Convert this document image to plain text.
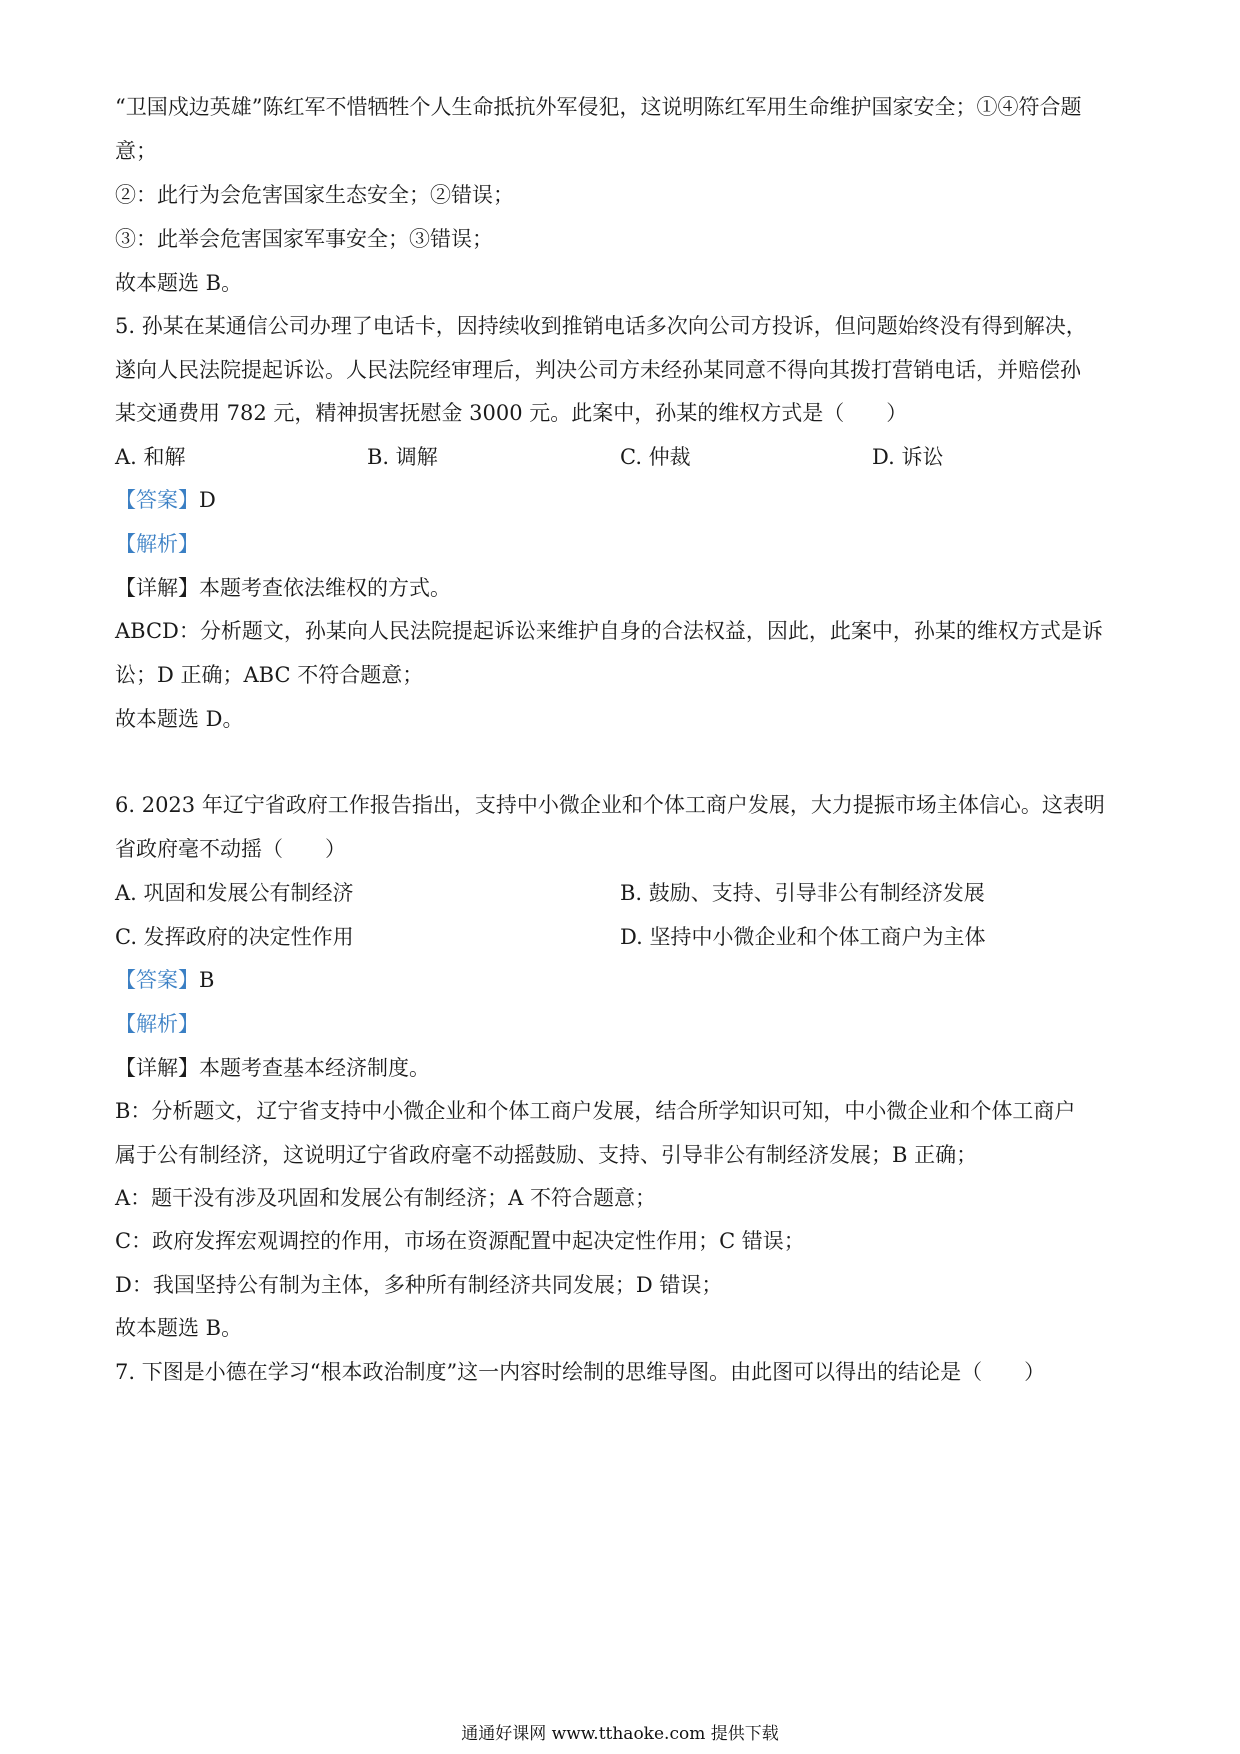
“卫国戍边英雄”陈红军不惜牺牲个人生命抵抗外军侵犯，这说明陈红军用生命维护国家安全；①④符合题
意；
②：此行为会危害国家生态安全；②错误；
③：此举会危害国家军事安全；③错误；
故本题选 B。
5. 孙某在某通信公司办理了电话卡，因持续收到推销电话多次向公司方投诉，但问题始终没有得到解决，
遂向人民法院提起诉讼。人民法院经审理后，判决公司方未经孙某同意不得向其拨打营销电话，并赔偿孙
某交通费用 782 元，精神损害抚慰金 3000 元。此案中，孙某的维权方式是（　　）
A. 和解	B. 调解	C. 仲裁	D. 诉讼
【答案】D
【解析】
【详解】本题考查依法维权的方式。
ABCD：分析题文，孙某向人民法院提起诉讼来维护自身的合法权益，因此，此案中，孙某的维权方式是诉
讼；D 正确；ABC 不符合题意；
故本题选 D。
6. 2023 年辽宁省政府工作报告指出，支持中小微企业和个体工商户发展，大力提振市场主体信心。这表明
省政府毫不动摇（　　）
A. 巩固和发展公有制经济	B. 鼓励、支持、引导非公有制经济发展
C. 发挥政府的决定性作用	D. 坚持中小微企业和个体工商户为主体
【答案】B
【解析】
【详解】本题考查基本经济制度。
B：分析题文，辽宁省支持中小微企业和个体工商户发展，结合所学知识可知，中小微企业和个体工商户
属于公有制经济，这说明辽宁省政府毫不动摇鼓励、支持、引导非公有制经济发展；B 正确；
A：题干没有涉及巩固和发展公有制经济；A 不符合题意；
C：政府发挥宏观调控的作用，市场在资源配置中起决定性作用；C 错误；
D：我国坚持公有制为主体，多种所有制经济共同发展；D 错误；
故本题选 B。
7. 下图是小德在学习“根本政治制度”这一内容时绘制的思维导图。由此图可以得出的结论是（　　）
通通好课网 www.tthaoke.com 提供下载
